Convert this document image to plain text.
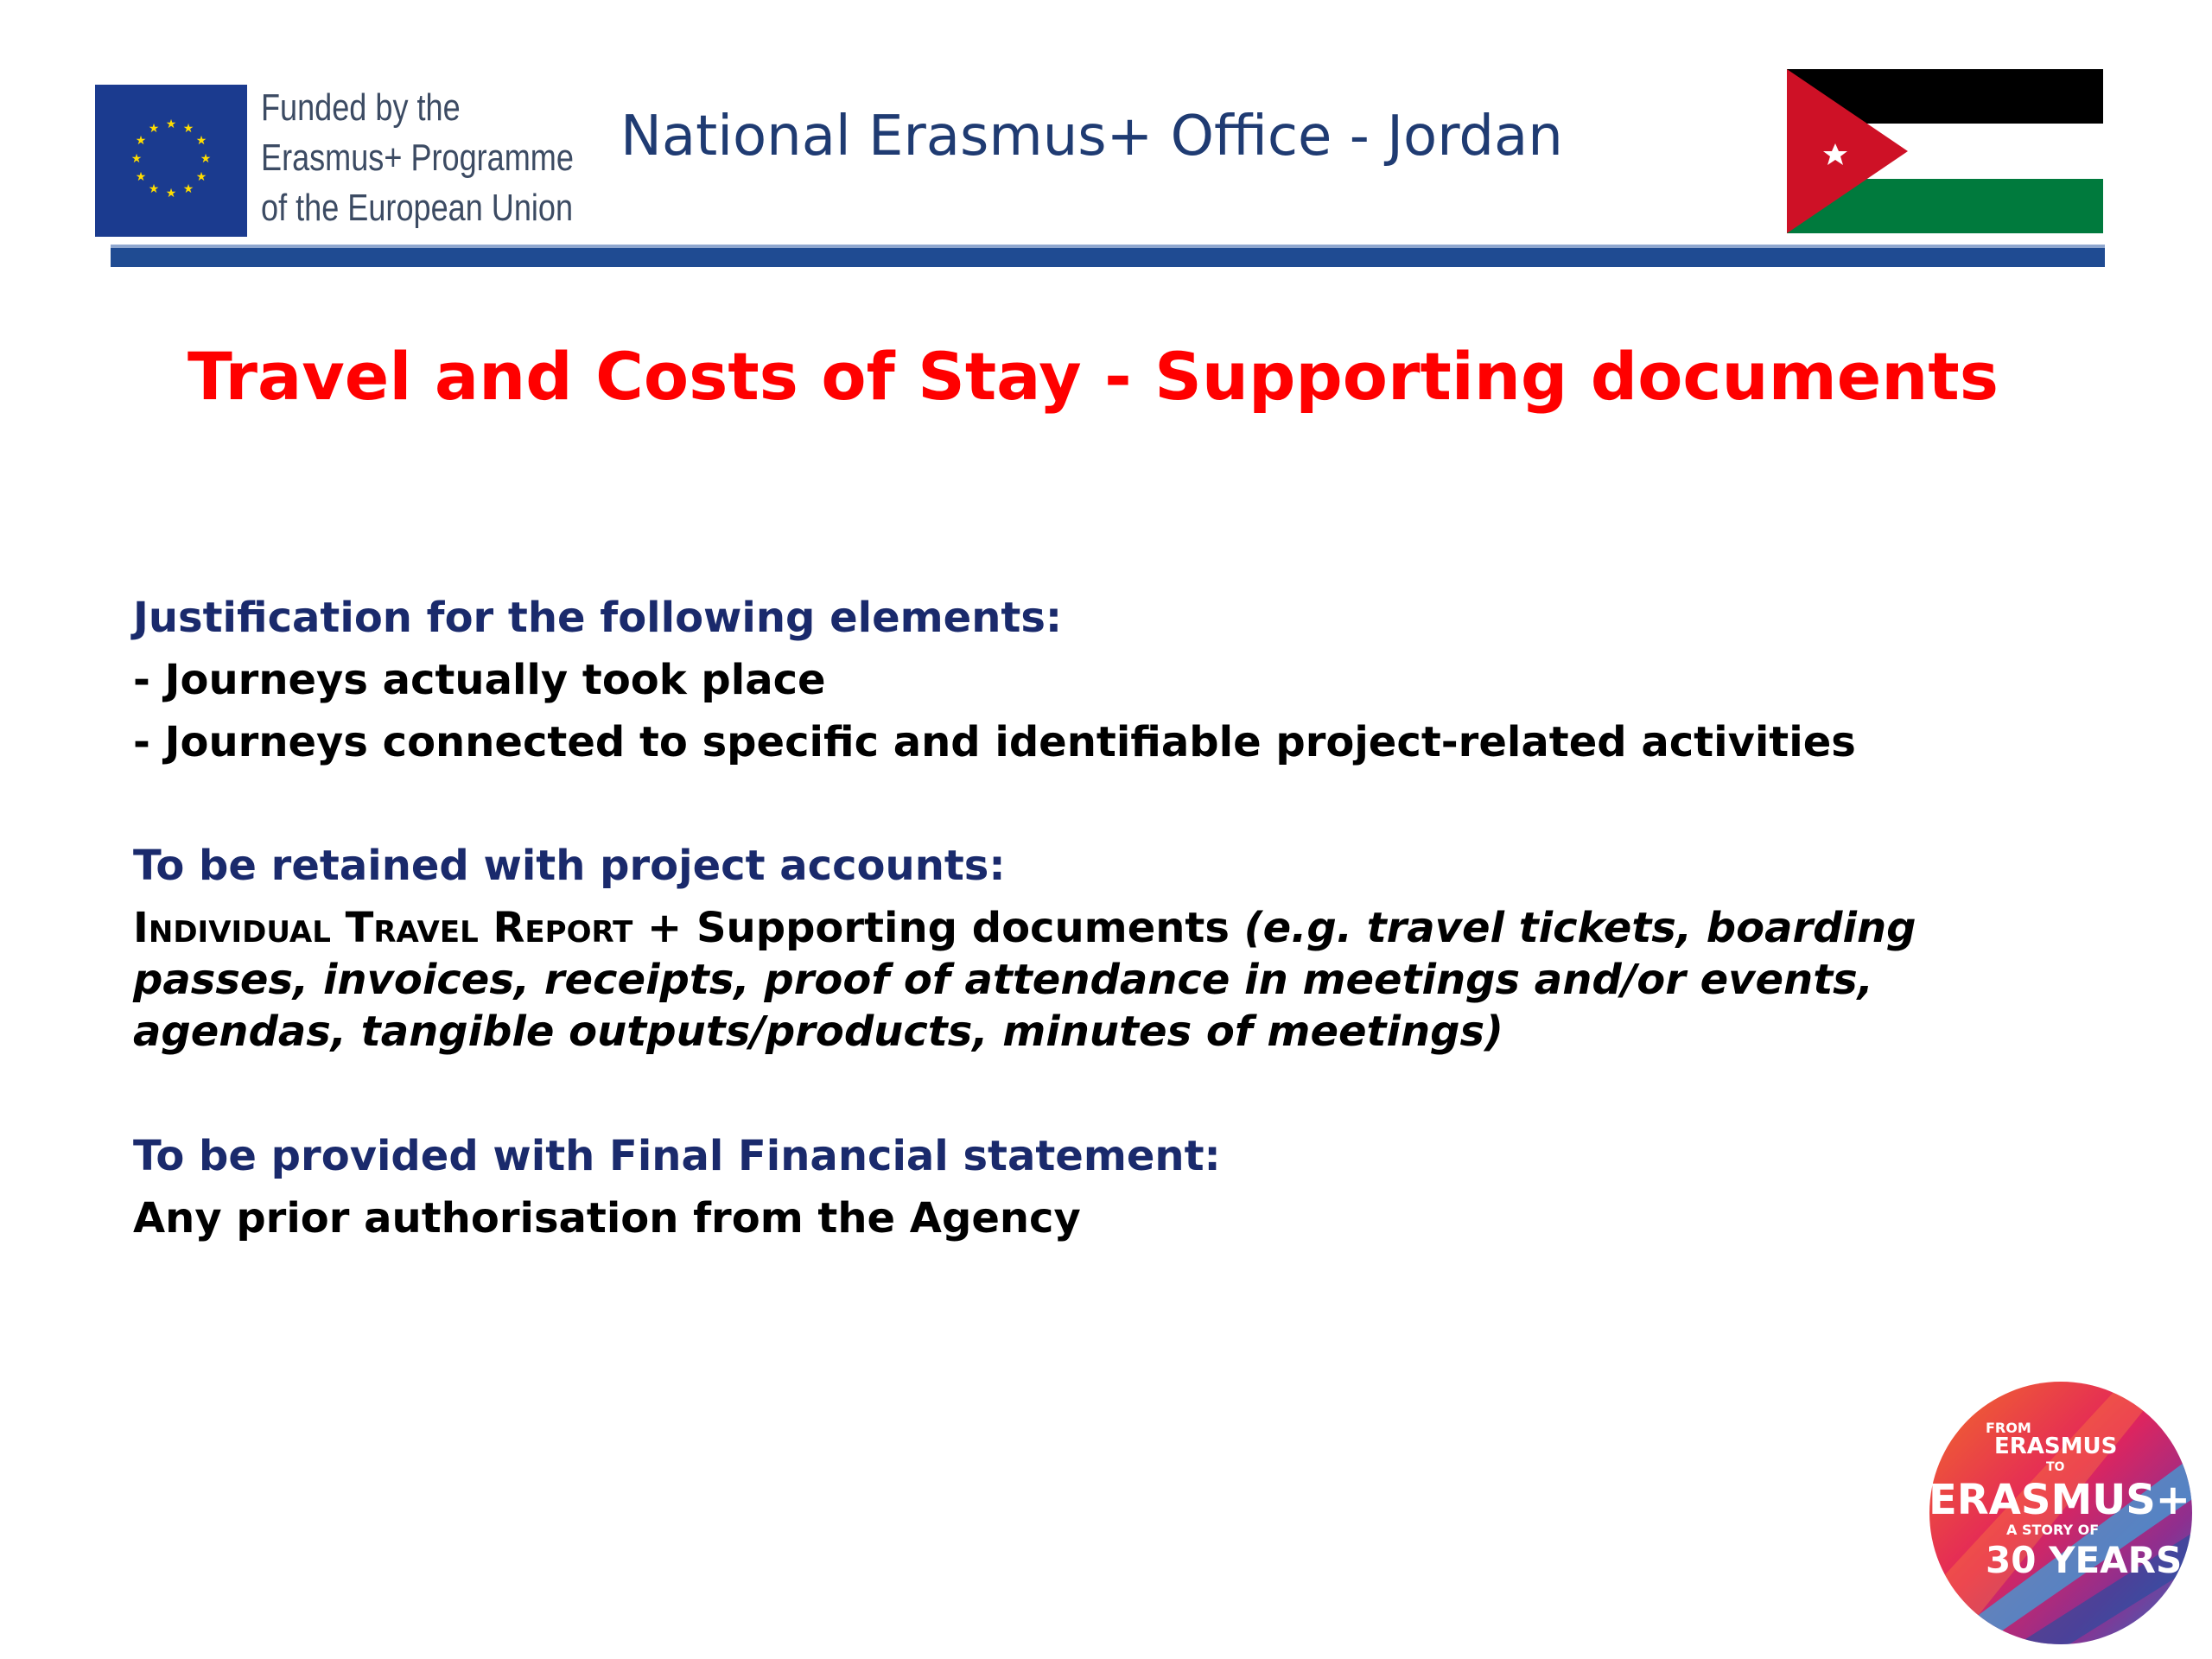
★ ★
★
★
★
★
★
★
★
★
★
★	Funded by the
Erasmus+ Programme
of the European Union
National Erasmus+ Office - Jordan
Travel and Costs of Stay - Supporting documents
Justification for the following elements:
- Journeys actually took place
- Journeys connected to specific and identifiable project-related activities
To be retained with project accounts:
Individual Travel Report + Supporting documents (e.g. travel tickets, boarding
passes, invoices, receipts, proof of attendance in meetings and/or events,
agendas, tangible outputs/products, minutes of meetings)
To be provided with Final Financial statement:
Any prior authorisation from the Agency
FROM
ERASMUS
TO
ERASMUS+
A STORY OF
30 YEARS
